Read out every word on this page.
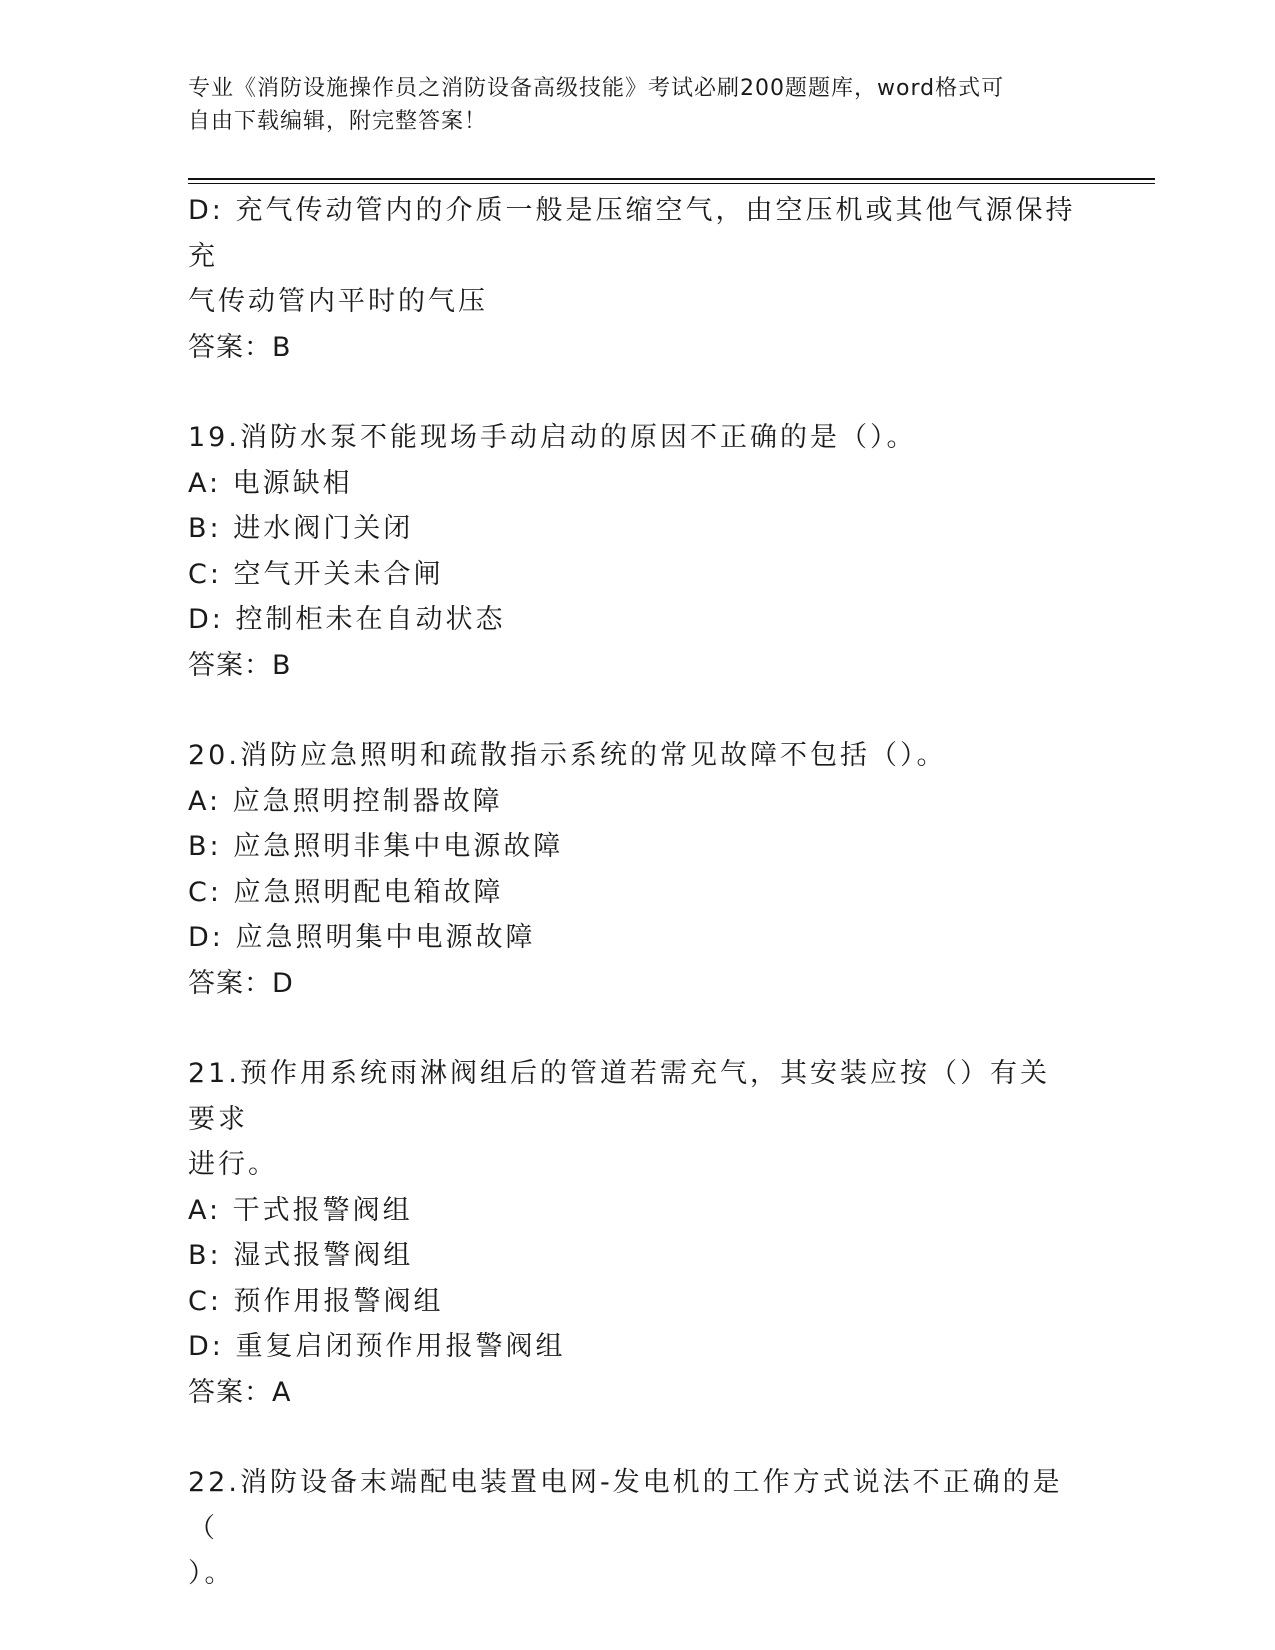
专业《消防设施操作员之消防设备高级技能》考试必刷200题题库，word格式可
自由下载编辑，附完整答案！
D: 充气传动管内的介质一般是压缩空气，由空压机或其他气源保持充
气传动管内平时的气压
答案：B
19.消防水泵不能现场手动启动的原因不正确的是（）。
A: 电源缺相
B: 进水阀门关闭
C: 空气开关未合闸
D: 控制柜未在自动状态
答案：B
20.消防应急照明和疏散指示系统的常见故障不包括（）。
A: 应急照明控制器故障
B: 应急照明非集中电源故障
C: 应急照明配电箱故障
D: 应急照明集中电源故障
答案：D
21.预作用系统雨淋阀组后的管道若需充气，其安装应按（）有关要求
进行。
A: 干式报警阀组
B: 湿式报警阀组
C: 预作用报警阀组
D: 重复启闭预作用报警阀组
答案：A
22.消防设备末端配电装置电网-发电机的工作方式说法不正确的是（
）。
